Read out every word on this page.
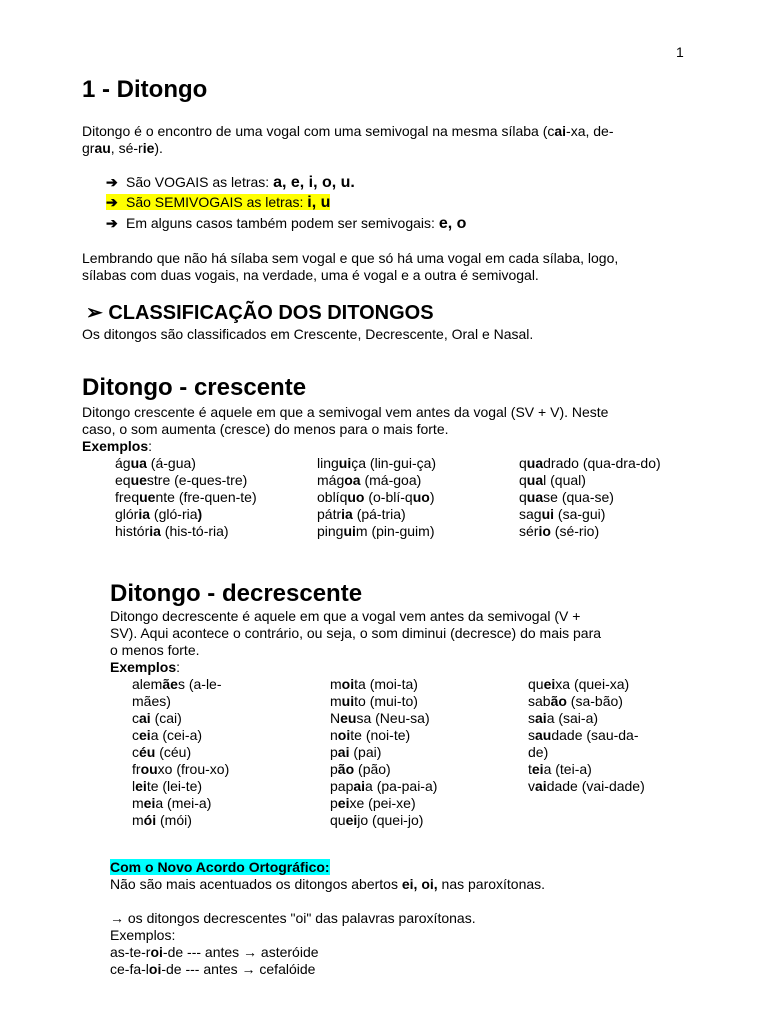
1
1 - Ditongo
Ditongo é o encontro de uma vogal com uma semivogal na mesma sílaba (cai-xa, de-
grau, sé-rie).
➔ São VOGAIS as letras: a, e, i, o, u.
➔ São SEMIVOGAIS as letras: i, u
➔ Em alguns casos também podem ser semivogais: e, o
Lembrando que não há sílaba sem vogal e que só há uma vogal em cada sílaba, logo,
sílabas com duas vogais, na verdade, uma é vogal e a outra é semivogal.
➢ CLASSIFICAÇÃO DOS DITONGOS
Os ditongos são classificados em Crescente, Decrescente, Oral e Nasal.
Ditongo - crescente
Ditongo crescente é aquele em que a semivogal vem antes da vogal (SV + V). Neste
caso, o som aumenta (cresce) do menos para o mais forte.
Exemplos:
água (á-gua)
equestre (e-ques-tre)
frequente (fre-quen-te)
glória (gló-ria)
história (his-tó-ria)
linguiça (lin-gui-ça)
mágoa (má-goa)
oblíquo (o-blí-quo)
pátria (pá-tria)
pinguim (pin-guim)
quadrado (qua-dra-do)
qual (qual)
quase (qua-se)
sagui (sa-gui)
sério (sé-rio)
Ditongo - decrescente
Ditongo decrescente é aquele em que a vogal vem antes da semivogal (V +
SV). Aqui acontece o contrário, ou seja, o som diminui (decresce) do mais para
o menos forte.
Exemplos:
alemães (a-le-
mães)
cai (cai)
ceia (cei-a)
céu (céu)
frouxo (frou-xo)
leite (lei-te)
meia (mei-a)
mói (mói)
moita (moi-ta)
muito (mui-to)
Neusa (Neu-sa)
noite (noi-te)
pai (pai)
pão (pão)
papaia (pa-pai-a)
peixe (pei-xe)
queijo (quei-jo)
queixa (quei-xa)
sabão (sa-bão)
saia (sai-a)
saudade (sau-da-
de)
teia (tei-a)
vaidade (vai-dade)
Com o Novo Acordo Ortográfico:
Não são mais acentuados os ditongos abertos ei, oi, nas paroxítonas.

→ os ditongos decrescentes "oi" das palavras paroxítonas.
Exemplos:
as-te-roi-de --- antes → asteróide
ce-fa-loi-de --- antes → cefalóide
